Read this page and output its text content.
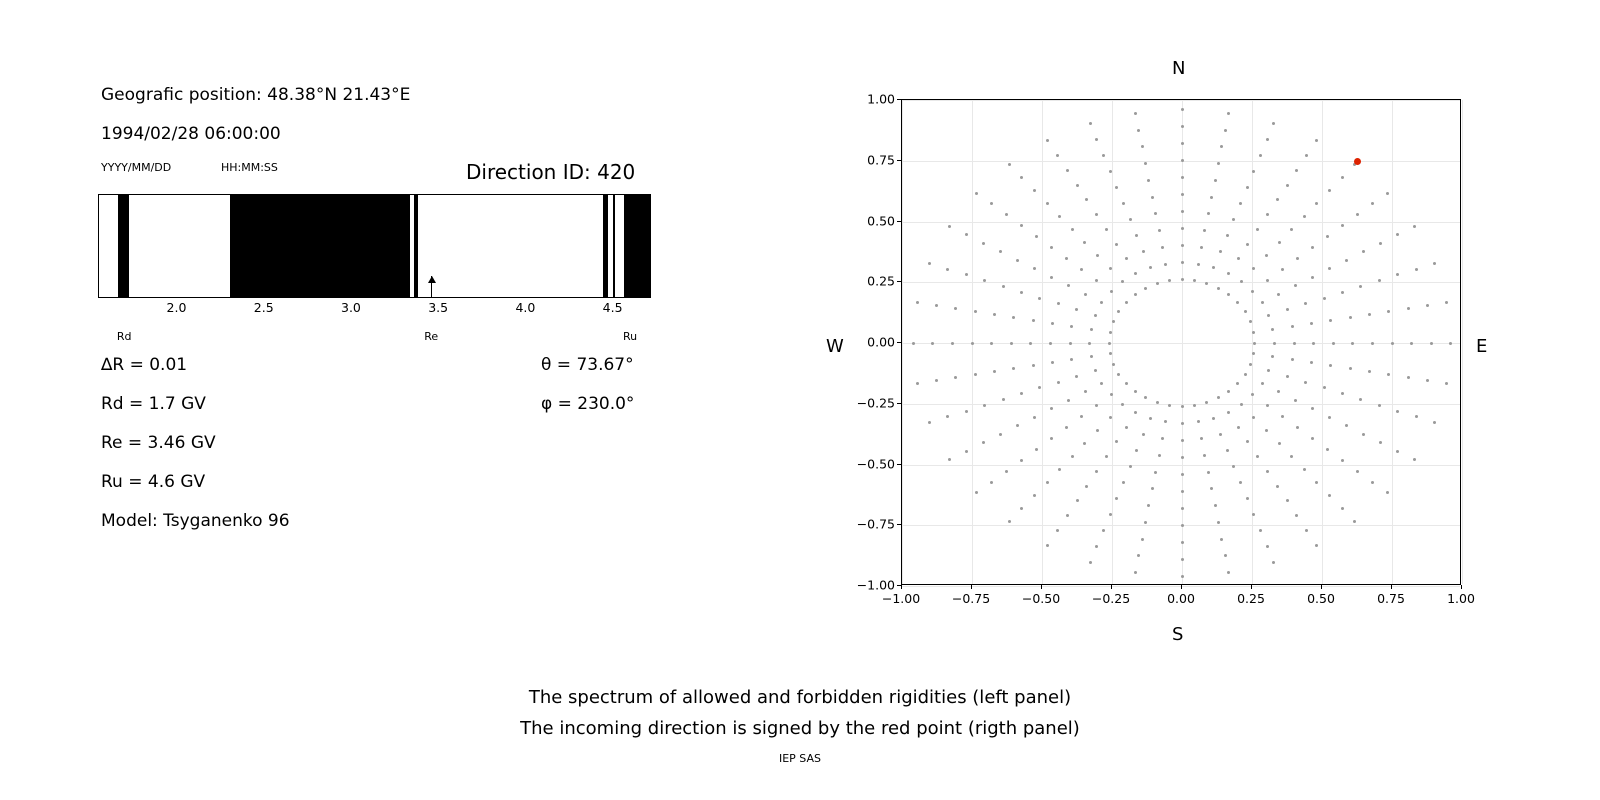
Geografic position: 48.38°N 21.43°E
1994/02/28 06:00:00
YYYY/MM/DD	HH:MM:SS	Direction ID: 420
2.0	2.5	3.0	3.5	4.0	4.5
Rd	Re	Ru
∆R = 0.01
Rd = 1.7 GV
Re = 3.46 GV
Ru = 4.6 GV
Model: Tsyganenko 96
θ = 73.67°
φ = 230.0°
−1.00	−0.75	−0.50	−0.25	0.00	0.25	0.50	0.75	1.00
−1.00
−0.75
−0.50
−0.25
0.00
0.25
0.50
0.75
1.00
N
S
W	E
The spectrum of allowed and forbidden rigidities (left panel)
The incoming direction is signed by the red point (rigth panel)
IEP SAS
